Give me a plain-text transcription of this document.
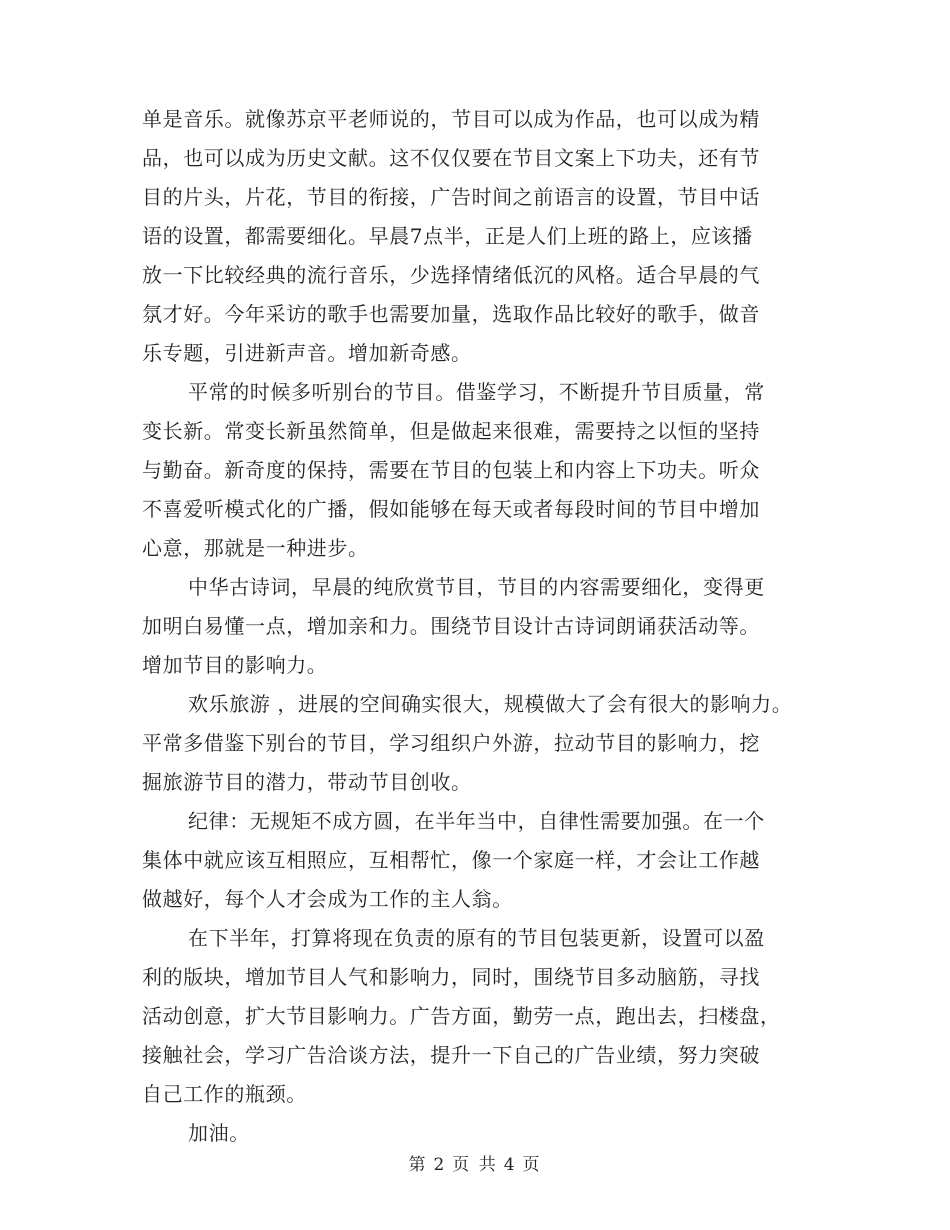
单是音乐。就像苏京平老师说的，节目可以成为作品，也可以成为精
品，也可以成为历史文献。这不仅仅要在节目文案上下功夫，还有节
目的片头，片花，节目的衔接，广告时间之前语言的设置，节目中话
语的设置，都需要细化。早晨7点半，正是人们上班的路上，应该播
放一下比较经典的流行音乐，少选择情绪低沉的风格。适合早晨的气
氛才好。今年采访的歌手也需要加量，选取作品比较好的歌手，做音
乐专题，引进新声音。增加新奇感。
平常的时候多听别台的节目。借鉴学习，不断提升节目质量，常
变长新。常变长新虽然简单，但是做起来很难，需要持之以恒的坚持
与勤奋。新奇度的保持，需要在节目的包装上和内容上下功夫。听众
不喜爱听模式化的广播，假如能够在每天或者每段时间的节目中增加
心意，那就是一种进步。
中华古诗词，早晨的纯欣赏节目，节目的内容需要细化，变得更
加明白易懂一点，增加亲和力。围绕节目设计古诗词朗诵获活动等。
增加节目的影响力。
欢乐旅游 ，进展的空间确实很大，规模做大了会有很大的影响力。
平常多借鉴下别台的节目，学习组织户外游，拉动节目的影响力，挖
掘旅游节目的潜力，带动节目创收。
纪律：无规矩不成方圆，在半年当中，自律性需要加强。在一个
集体中就应该互相照应，互相帮忙，像一个家庭一样，才会让工作越
做越好，每个人才会成为工作的主人翁。
在下半年，打算将现在负责的原有的节目包装更新，设置可以盈
利的版块，增加节目人气和影响力，同时，围绕节目多动脑筋，寻找
活动创意，扩大节目影响力。广告方面，勤劳一点，跑出去，扫楼盘，
接触社会，学习广告洽谈方法，提升一下自己的广告业绩，努力突破
自己工作的瓶颈。
加油。
第 2 页 共 4 页
